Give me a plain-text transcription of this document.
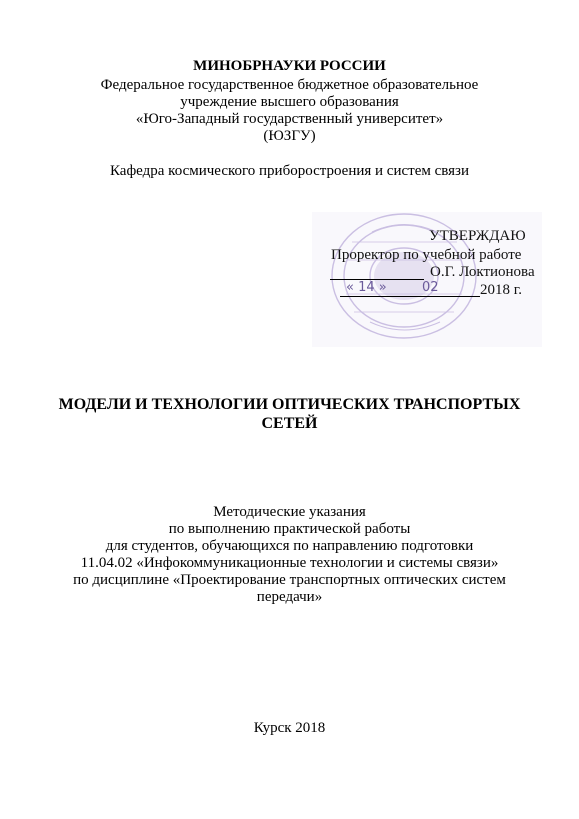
МИНОБРНАУКИ РОССИИ
Федеральное государственное бюджетное образовательное
учреждение высшего образования
«Юго-Западный государственный университет»
(ЮЗГУ)
Кафедра космического приборостроения и систем связи
УТВЕРЖДАЮ
Проректор по учебной работе
О.Г. Локтионова
« 14 »	02	2018 г.
МОДЕЛИ И ТЕХНОЛОГИИ ОПТИЧЕСКИХ ТРАНСПОРТЫХ
СЕТЕЙ
Методические указания
по выполнению практической работы
для студентов, обучающихся по направлению подготовки
11.04.02 «Инфокоммуникационные технологии и системы связи»
по дисциплине «Проектирование транспортных оптических систем
передачи»
Курск 2018
